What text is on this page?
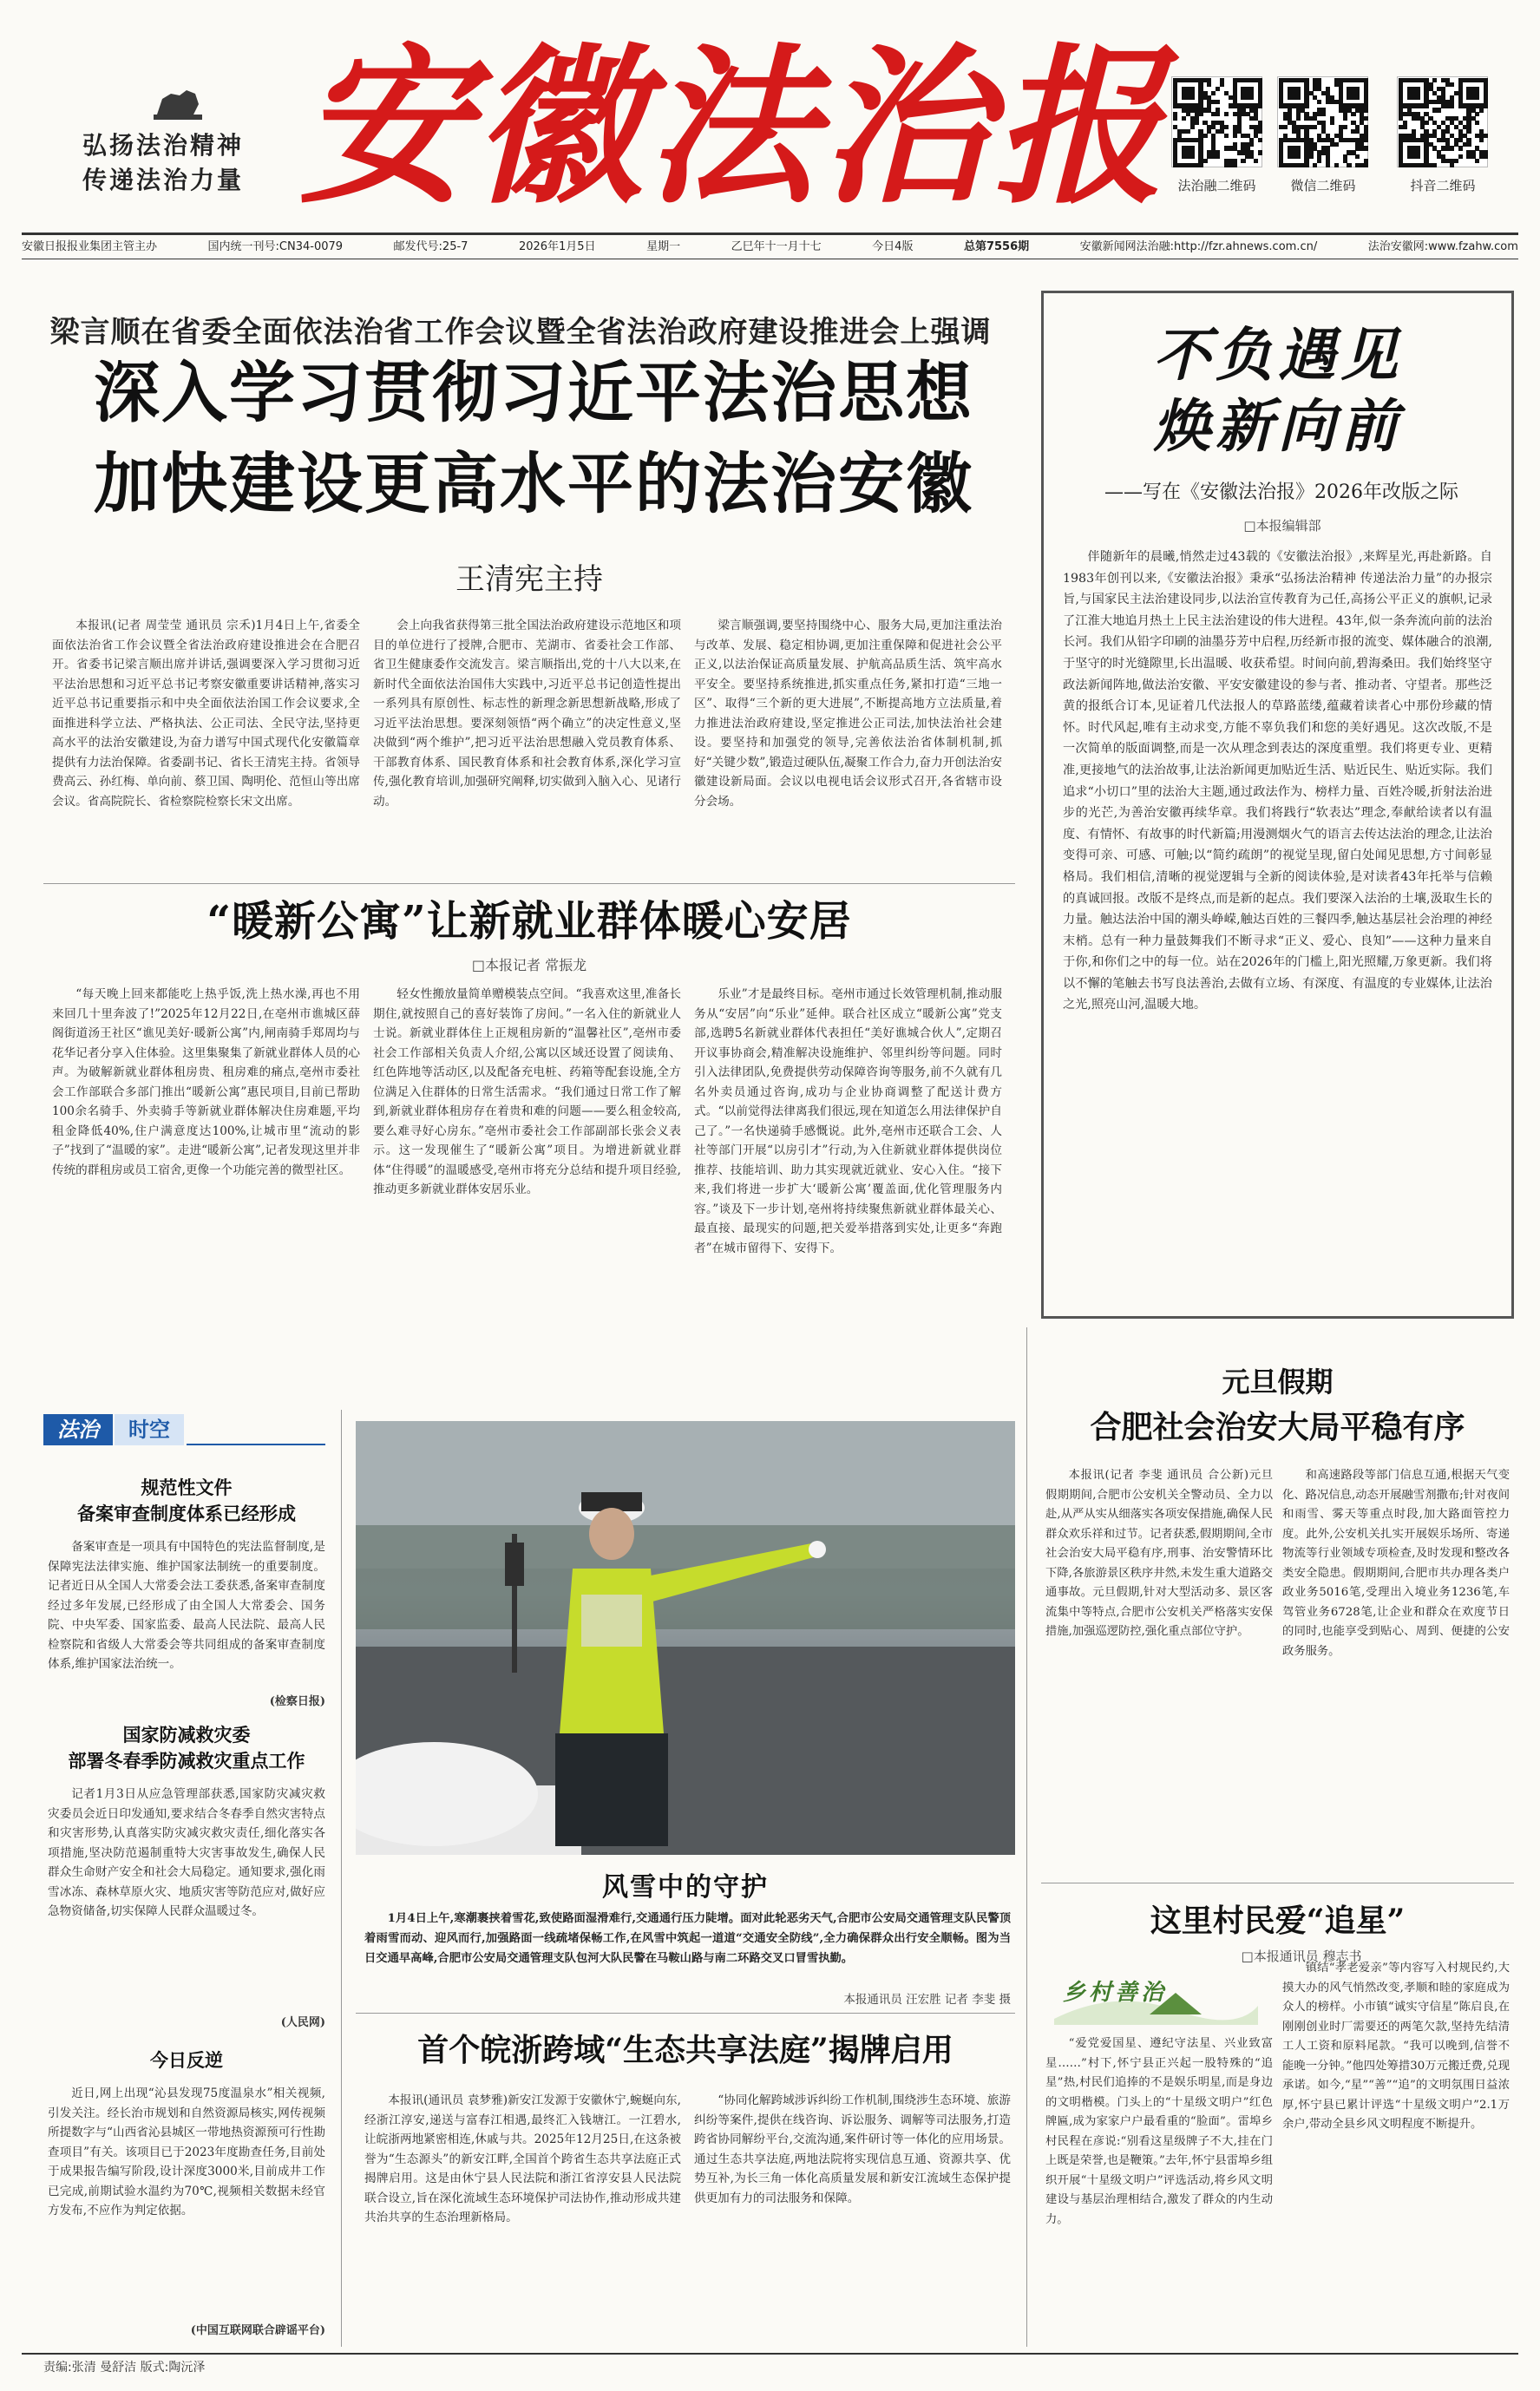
弘扬法治精神
传递法治力量 安徽法治报 法治融二维码	微信二维码	抖音二维码
安徽日报报业集团主管主办	国内统一刊号:CN34-0079	邮发代号:25-7	2026年1月5日	星期一	乙巳年十一月十七	今日4版	总第7556期	安徽新闻网法治融:http://fzr.ahnews.com.cn/	法治安徽网:www.fzahw.com
梁言顺在省委全面依法治省工作会议暨全省法治政府建设推进会上强调
深入学习贯彻习近平法治思想
加快建设更高水平的法治安徽
王清宪主持
本报讯(记者 周莹莹 通讯员 宗禾)1月4日上午,省委全面依法治省工作会议暨全省法治政府建设推进会在合肥召开。省委书记梁言顺出席并讲话,强调要深入学习贯彻习近平法治思想和习近平总书记考察安徽重要讲话精神,落实习近平总书记重要指示和中央全面依法治国工作会议要求,全面推进科学立法、严格执法、公正司法、全民守法,坚持更高水平的法治安徽建设,为奋力谱写中国式现代化安徽篇章提供有力法治保障。省委副书记、省长王清宪主持。省领导费高云、孙红梅、单向前、蔡卫国、陶明伦、范恒山等出席会议。省高院院长、省检察院检察长宋文出席。
会上向我省获得第三批全国法治政府建设示范地区和项目的单位进行了授牌,合肥市、芜湖市、省委社会工作部、省卫生健康委作交流发言。梁言顺指出,党的十八大以来,在新时代全面依法治国伟大实践中,习近平总书记创造性提出一系列具有原创性、标志性的新理念新思想新战略,形成了习近平法治思想。要深刻领悟“两个确立”的决定性意义,坚决做到“两个维护”,把习近平法治思想融入党员教育体系、干部教育体系、国民教育体系和社会教育体系,深化学习宣传,强化教育培训,加强研究阐释,切实做到入脑入心、见诸行动。
梁言顺强调,要坚持围绕中心、服务大局,更加注重法治与改革、发展、稳定相协调,更加注重保障和促进社会公平正义,以法治保证高质量发展、护航高品质生活、筑牢高水平安全。要坚持系统推进,抓实重点任务,紧扣打造“三地一区”、取得“三个新的更大进展”,不断提高地方立法质量,着力推进法治政府建设,坚定推进公正司法,加快法治社会建设。要坚持和加强党的领导,完善依法治省体制机制,抓好“关键少数”,锻造过硬队伍,凝聚工作合力,奋力开创法治安徽建设新局面。会议以电视电话会议形式召开,各省辖市设分会场。
不负遇见
焕新向前
——写在《安徽法治报》2026年改版之际
□本报编辑部
伴随新年的晨曦,悄然走过43载的《安徽法治报》,来辉星光,再赴新路。自1983年创刊以来,《安徽法治报》秉承“弘扬法治精神 传递法治力量”的办报宗旨,与国家民主法治建设同步,以法治宣传教育为己任,高扬公平正义的旗帜,记录了江淮大地追月热土上民主法治建设的伟大进程。43年,似一条奔流向前的法治长河。我们从铅字印刷的油墨芬芳中启程,历经新市报的流变、媒体融合的浪潮,于坚守的时光缝隙里,长出温暖、收获希望。时间向前,碧海桑田。我们始终坚守政法新闻阵地,做法治安徽、平安安徽建设的参与者、推动者、守望者。那些泛黄的报纸合订本,见证着几代法报人的草路蓝缕,蕴藏着读者心中那份珍藏的情怀。时代风起,唯有主动求变,方能不辜负我们和您的美好遇见。这次改版,不是一次简单的版面调整,而是一次从理念到表达的深度重塑。我们将更专业、更精准,更接地气的法治故事,让法治新闻更加贴近生活、贴近民生、贴近实际。我们追求“小切口”里的法治大主题,通过政法作为、榜样力量、百姓冷暖,折射法治进步的光芒,为善治安徽再续华章。我们将践行“软表达”理念,奉献给读者以有温度、有情怀、有故事的时代新篇;用漫测烟火气的语言去传达法治的理念,让法治变得可亲、可感、可触;以“简约疏朗”的视觉呈现,留白处闻见思想,方寸间彰显格局。我们相信,清晰的视觉逻辑与全新的阅读体验,是对读者43年托举与信赖的真诚回报。改版不是终点,而是新的起点。我们要深入法治的土壤,汲取生长的力量。触达法治中国的潮头峥嵘,触达百姓的三餐四季,触达基层社会治理的神经末梢。总有一种力量鼓舞我们不断寻求“正义、爱心、良知”——这种力量来自于你,和你们之中的每一位。站在2026年的门槛上,阳光照耀,万象更新。我们将以不懈的笔触去书写良法善治,去做有立场、有深度、有温度的专业媒体,让法治之光,照亮山河,温暖大地。
“暖新公寓”让新就业群体暖心安居
□本报记者 常振龙
“每天晚上回来都能吃上热乎饭,洗上热水澡,再也不用来回几十里奔波了!”2025年12月22日,在亳州市谯城区薛阁街道汤王社区“谯见美好·暖新公寓”内,闸南骑手郑周均与花华记者分享入住体验。这里集聚集了新就业群体人员的心声。为破解新就业群体租房贵、租房难的痛点,亳州市委社会工作部联合多部门推出“暖新公寓”惠民项目,目前已帮助100余名骑手、外卖骑手等新就业群体解决住房难题,平均租金降低40%,住户满意度达100%,让城市里“流动的影子”找到了“温暖的家”。走进“暖新公寓”,记者发现这里并非传统的群租房或员工宿舍,更像一个功能完善的微型社区。
轻女性搬放量简单赠模装点空间。“我喜欢这里,准备长期住,就按照自己的喜好装饰了房间。”一名入住的新就业人士说。新就业群体住上正规租房新的“温馨社区”,亳州市委社会工作部相关负责人介绍,公寓以区域还设置了阅读角、红色阵地等活动区,以及配备充电桩、药箱等配套设施,全方位满足入住群体的日常生活需求。“我们通过日常工作了解到,新就业群体租房存在着贵和难的问题——要么租金较高,要么难寻好心房东。”亳州市委社会工作部副部长张会义表示。这一发现催生了“暖新公寓”项目。为增进新就业群体“住得暖”的温暖感受,亳州市将充分总结和提升项目经验,推动更多新就业群体安居乐业。
乐业”才是最终目标。亳州市通过长效管理机制,推动服务从“安居”向“乐业”延伸。联合社区成立“暖新公寓”党支部,选聘5名新就业群体代表担任“美好谯城合伙人”,定期召开议事协商会,精准解决设施维护、邻里纠纷等问题。同时引入法律团队,免费提供劳动保障咨询等服务,前不久就有几名外卖员通过咨询,成功与企业协商调整了配送计费方式。“以前觉得法律离我们很远,现在知道怎么用法律保护自己了。”一名快递骑手感慨说。此外,亳州市还联合工会、人社等部门开展“以房引才”行动,为入住新就业群体提供岗位推荐、技能培训、助力其实现就近就业、安心入住。“接下来,我们将进一步扩大‘暖新公寓’覆盖面,优化管理服务内容。”谈及下一步计划,亳州将持续聚焦新就业群体最关心、最直接、最现实的问题,把关爱举措落到实处,让更多“奔跑者”在城市留得下、安得下。
法治	时空
规范性文件
备案审查制度体系已经形成
备案审查是一项具有中国特色的宪法监督制度,是保障宪法法律实施、维护国家法制统一的重要制度。记者近日从全国人大常委会法工委获悉,备案审查制度经过多年发展,已经形成了由全国人大常委会、国务院、中央军委、国家监委、最高人民法院、最高人民检察院和省级人大常委会等共同组成的备案审查制度体系,维护国家法治统一。
(检察日报)
国家防减救灾委
部署冬春季防减救灾重点工作
记者1月3日从应急管理部获悉,国家防灾减灾救灾委员会近日印发通知,要求结合冬春季自然灾害特点和灾害形势,认真落实防灾减灾救灾责任,细化落实各项措施,坚决防范遏制重特大灾害事故发生,确保人民群众生命财产安全和社会大局稳定。通知要求,强化雨雪冰冻、森林草原火灾、地质灾害等防范应对,做好应急物资储备,切实保障人民群众温暖过冬。
(人民网)
今日反逆
近日,网上出现“沁县发现75度温泉水”相关视频,引发关注。经长治市规划和自然资源局核实,网传视频所提数字与“山西省沁县城区一带地热资源预可行性勘查项目”有关。该项目已于2023年度勘查任务,目前处于成果报告编写阶段,设计深度3000米,目前成井工作已完成,前期试验水温约为70℃,视频相关数据未经官方发布,不应作为判定依据。
(中国互联网联合辟谣平台)
风雪中的守护
1月4日上午,寒潮裹挟着雪花,致使路面湿滑难行,交通通行压力陡增。面对此轮恶劣天气,合肥市公安局交通管理支队民警顶着雨雪而动、迎风而行,加强路面一线疏堵保畅工作,在风雪中筑起一道道“交通安全防线”,全力确保群众出行安全顺畅。图为当日交通早高峰,合肥市公安局交通管理支队包河大队民警在马鞍山路与南二环路交叉口冒雪执勤。
本报通讯员 汪宏胜 记者 李斐 摄
首个皖浙跨域“生态共享法庭”揭牌启用
本报讯(通讯员 袁梦雅)新安江发源于安徽休宁,蜿蜒向东,经浙江淳安,递送与富春江相遇,最终汇入钱塘江。一江碧水,让皖浙两地紧密相连,休戚与共。2025年12月25日,在这条被誉为“生态源头”的新安江畔,全国首个跨省生态共享法庭正式揭牌启用。这是由休宁县人民法院和浙江省淳安县人民法院联合设立,旨在深化流域生态环境保护司法协作,推动形成共建共治共享的生态治理新格局。
“协同化解跨域涉诉纠纷工作机制,围绕涉生态环境、旅游纠纷等案件,提供在线咨询、诉讼服务、调解等司法服务,打造跨省协同解纷平台,交流沟通,案件研讨等一体化的应用场景。通过生态共享法庭,两地法院将实现信息互通、资源共享、优势互补,为长三角一体化高质量发展和新安江流域生态保护提供更加有力的司法服务和保障。
元旦假期
合肥社会治安大局平稳有序
本报讯(记者 李斐 通讯员 合公新)元旦假期期间,合肥市公安机关全警动员、全力以赴,从严从实从细落实各项安保措施,确保人民群众欢乐祥和过节。记者获悉,假期期间,全市社会治安大局平稳有序,刑事、治安警情环比下降,各旅游景区秩序井然,未发生重大道路交通事故。元旦假期,针对大型活动多、景区客流集中等特点,合肥市公安机关严格落实安保措施,加强巡逻防控,强化重点部位守护。
和高速路段等部门信息互通,根据天气变化、路况信息,动态开展融雪剂撒布;针对夜间和雨雪、雾天等重点时段,加大路面管控力度。此外,公安机关扎实开展娱乐场所、寄递物流等行业领域专项检查,及时发现和整改各类安全隐患。假期期间,合肥市共办理各类户政业务5016笔,受理出入境业务1236笔,车驾管业务6728笔,让企业和群众在欢度节日的同时,也能享受到贴心、周到、便捷的公安政务服务。
这里村民爱“追星”
□本报通讯员 穆志书
乡村善治
“爱党爱国星、遵纪守法星、兴业致富星……”村下,怀宁县正兴起一股特殊的“追星”热,村民们追捧的不是娱乐明星,而是身边的文明楷模。门头上的“十星级文明户”红色牌匾,成为家家户户最看重的“脸面”。雷埠乡村民程在彦说:“别看这星级牌子不大,挂在门上既是荣誉,也是鞭策。”去年,怀宁县雷埠乡组织开展“十星级文明户”评选活动,将乡风文明建设与基层治理相结合,激发了群众的内生动力。
镇结“孝老爱亲”等内容写入村规民约,大摸大办的风气悄然改变,孝顺和睦的家庭成为众人的榜样。小市镇“诚实守信星”陈启良,在刚刚创业时厂需要还的两笔欠款,坚持先结清工人工资和原料尾款。“我可以晚到,信誉不能晚一分钟。”他四处筹措30万元搬迁费,兑现承诺。如今,“星”“善”“追”的文明氛围日益浓厚,怀宁县已累计评选“十星级文明户”2.1万余户,带动全县乡风文明程度不断提升。
责编:张清 曼舒洁 版式:陶沅泽
